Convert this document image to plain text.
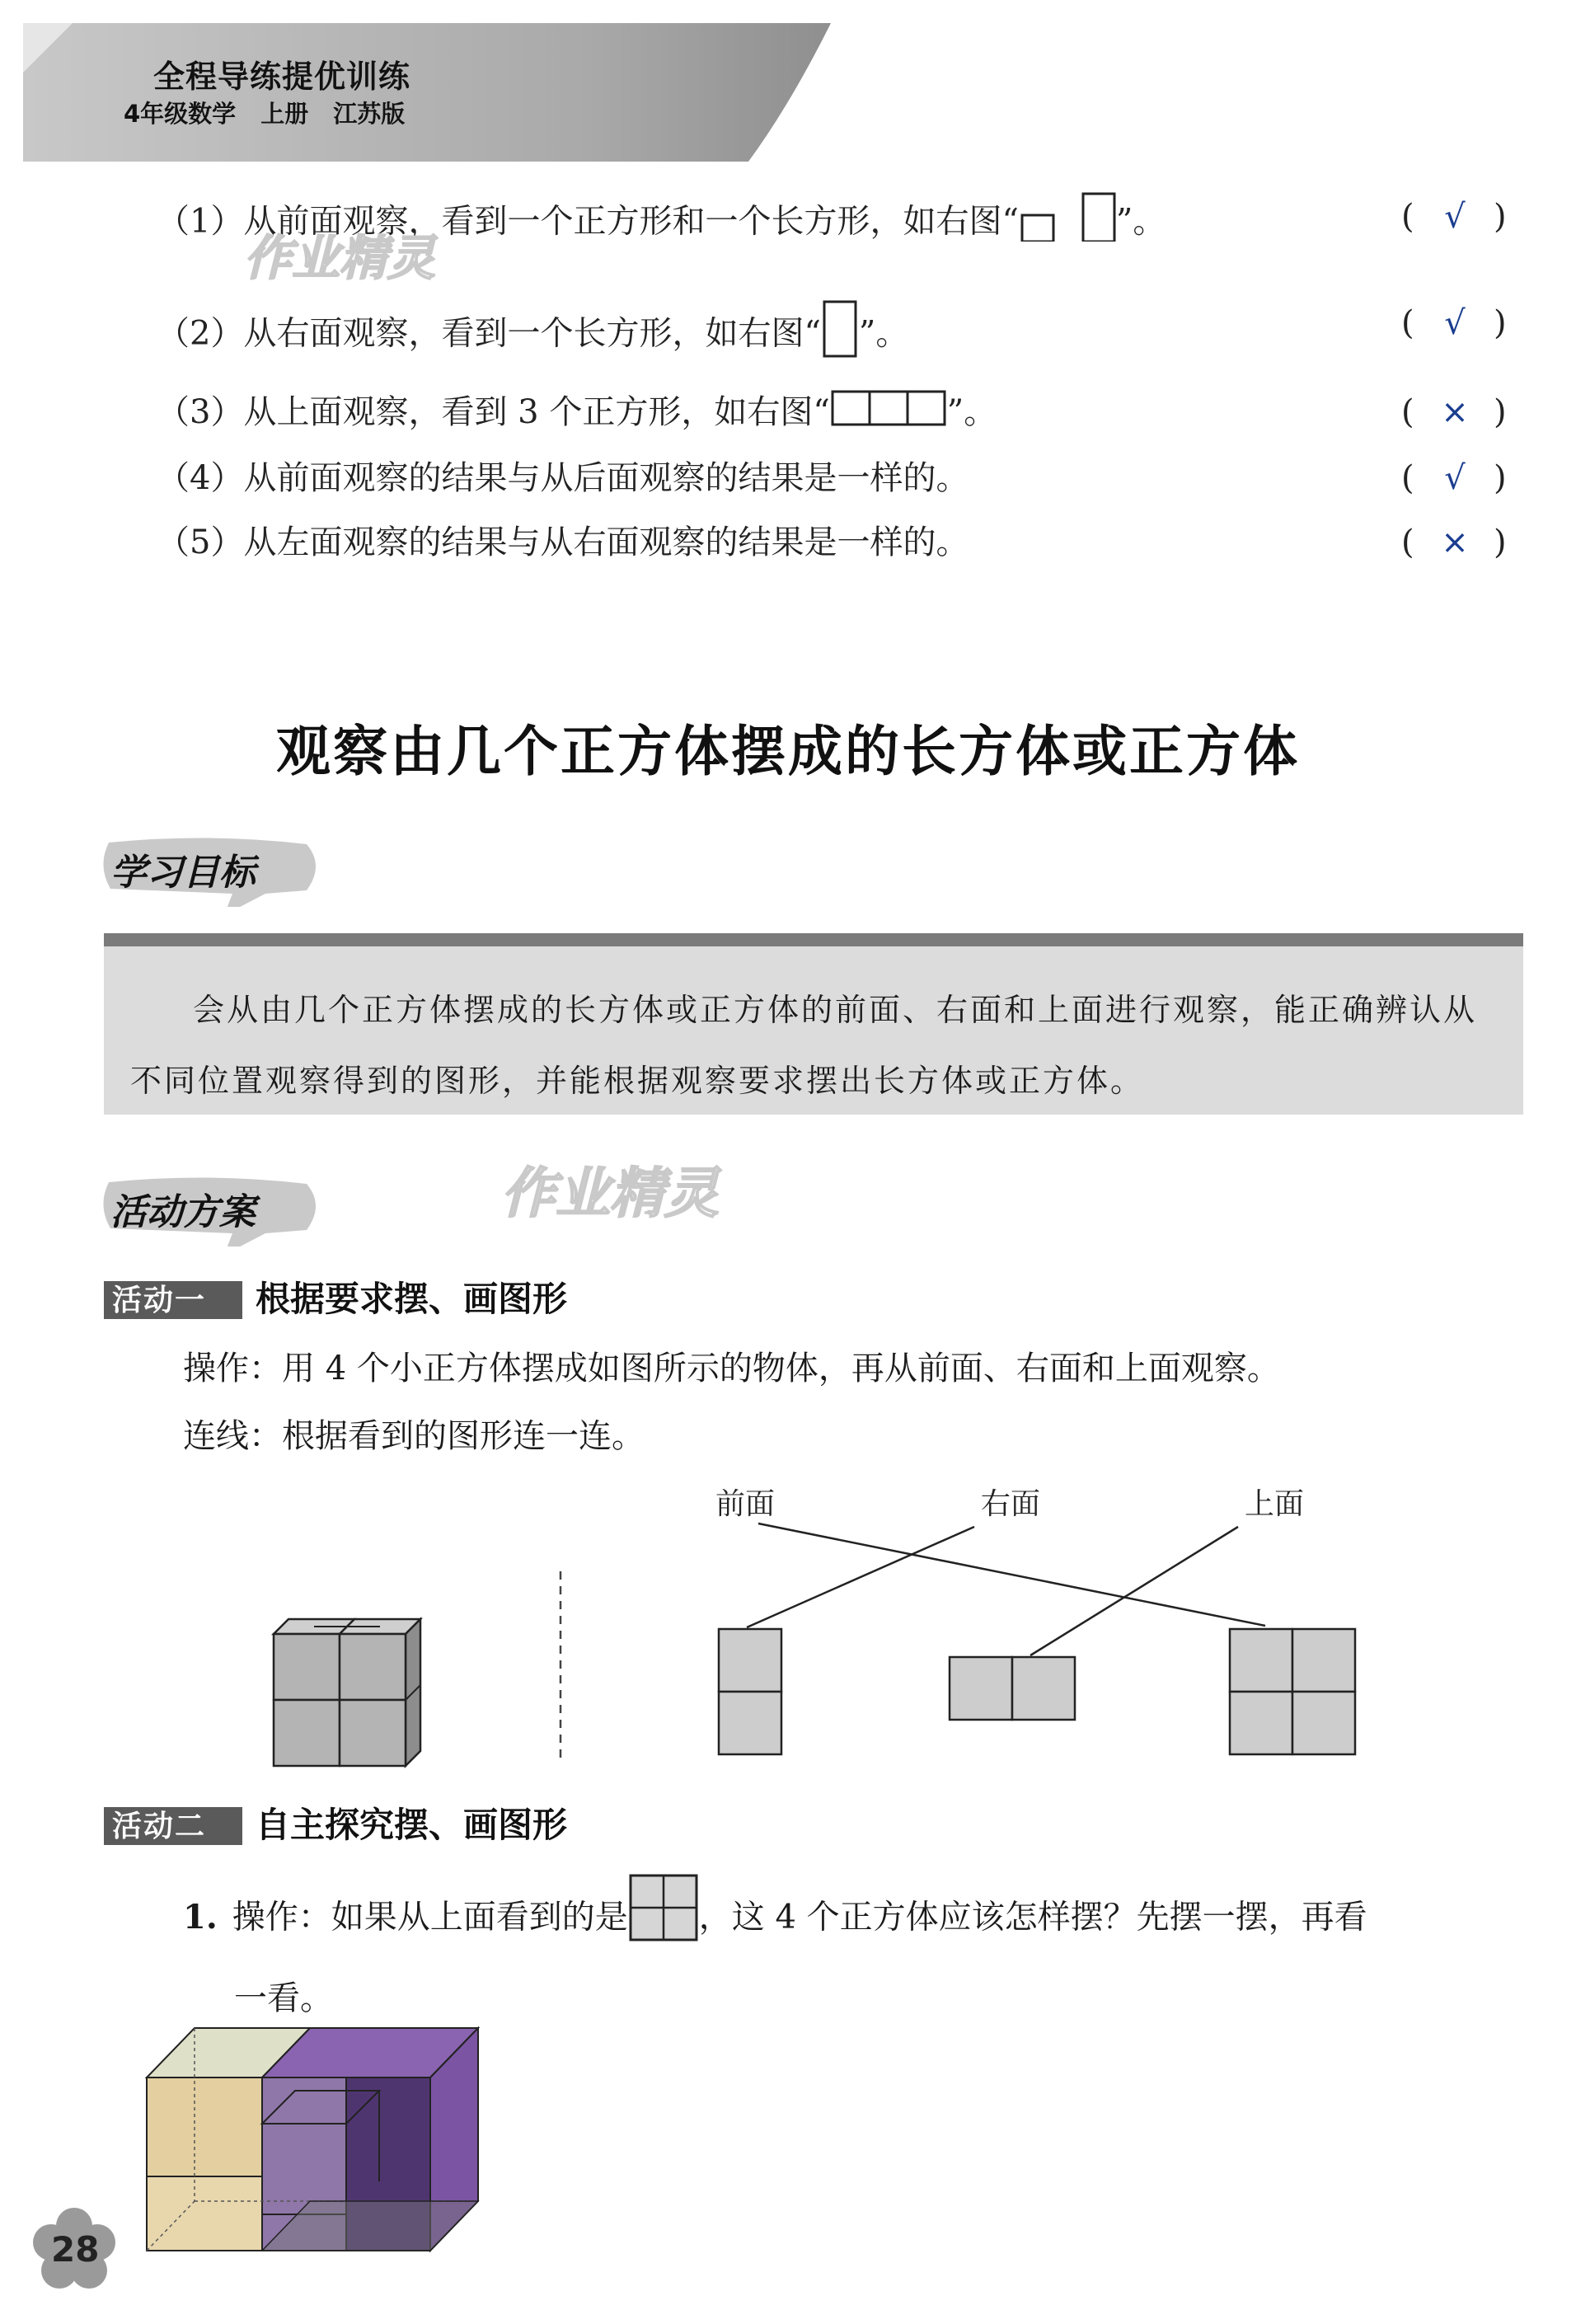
全程导练提优训练
4年级数学 上册 江苏版
（1）从前面观察，看到一个正方形和一个长方形，如右图“	”。	( √ )
（2）从右面观察，看到一个长方形，如右图“ ”。	( √ )
（3）从上面观察，看到 3 个正方形，如右图“	”。	( × )
（4）从前面观察的结果与从后面观察的结果是一样的。	( √ )
（5）从左面观察的结果与从右面观察的结果是一样的。	( × )
作业精灵
观察由几个正方体摆成的长方体或正方体
学习目标
会从由几个正方体摆成的长方体或正方体的前面、右面和上面进行观察，能正确辨认从不同位置观察得到的图形，并能根据观察要求摆出长方体或正方体。
活动方案	作业精灵
活动一	根据要求摆、画图形
操作：用 4 个小正方体摆成如图所示的物体，再从前面、右面和上面观察。
连线：根据看到的图形连一连。
前面	右面	上面
活动二	自主探究摆、画图形
1. 操作：如果从上面看到的是 ，这 4 个正方体应该怎样摆？先摆一摆，再看
一看。
28
